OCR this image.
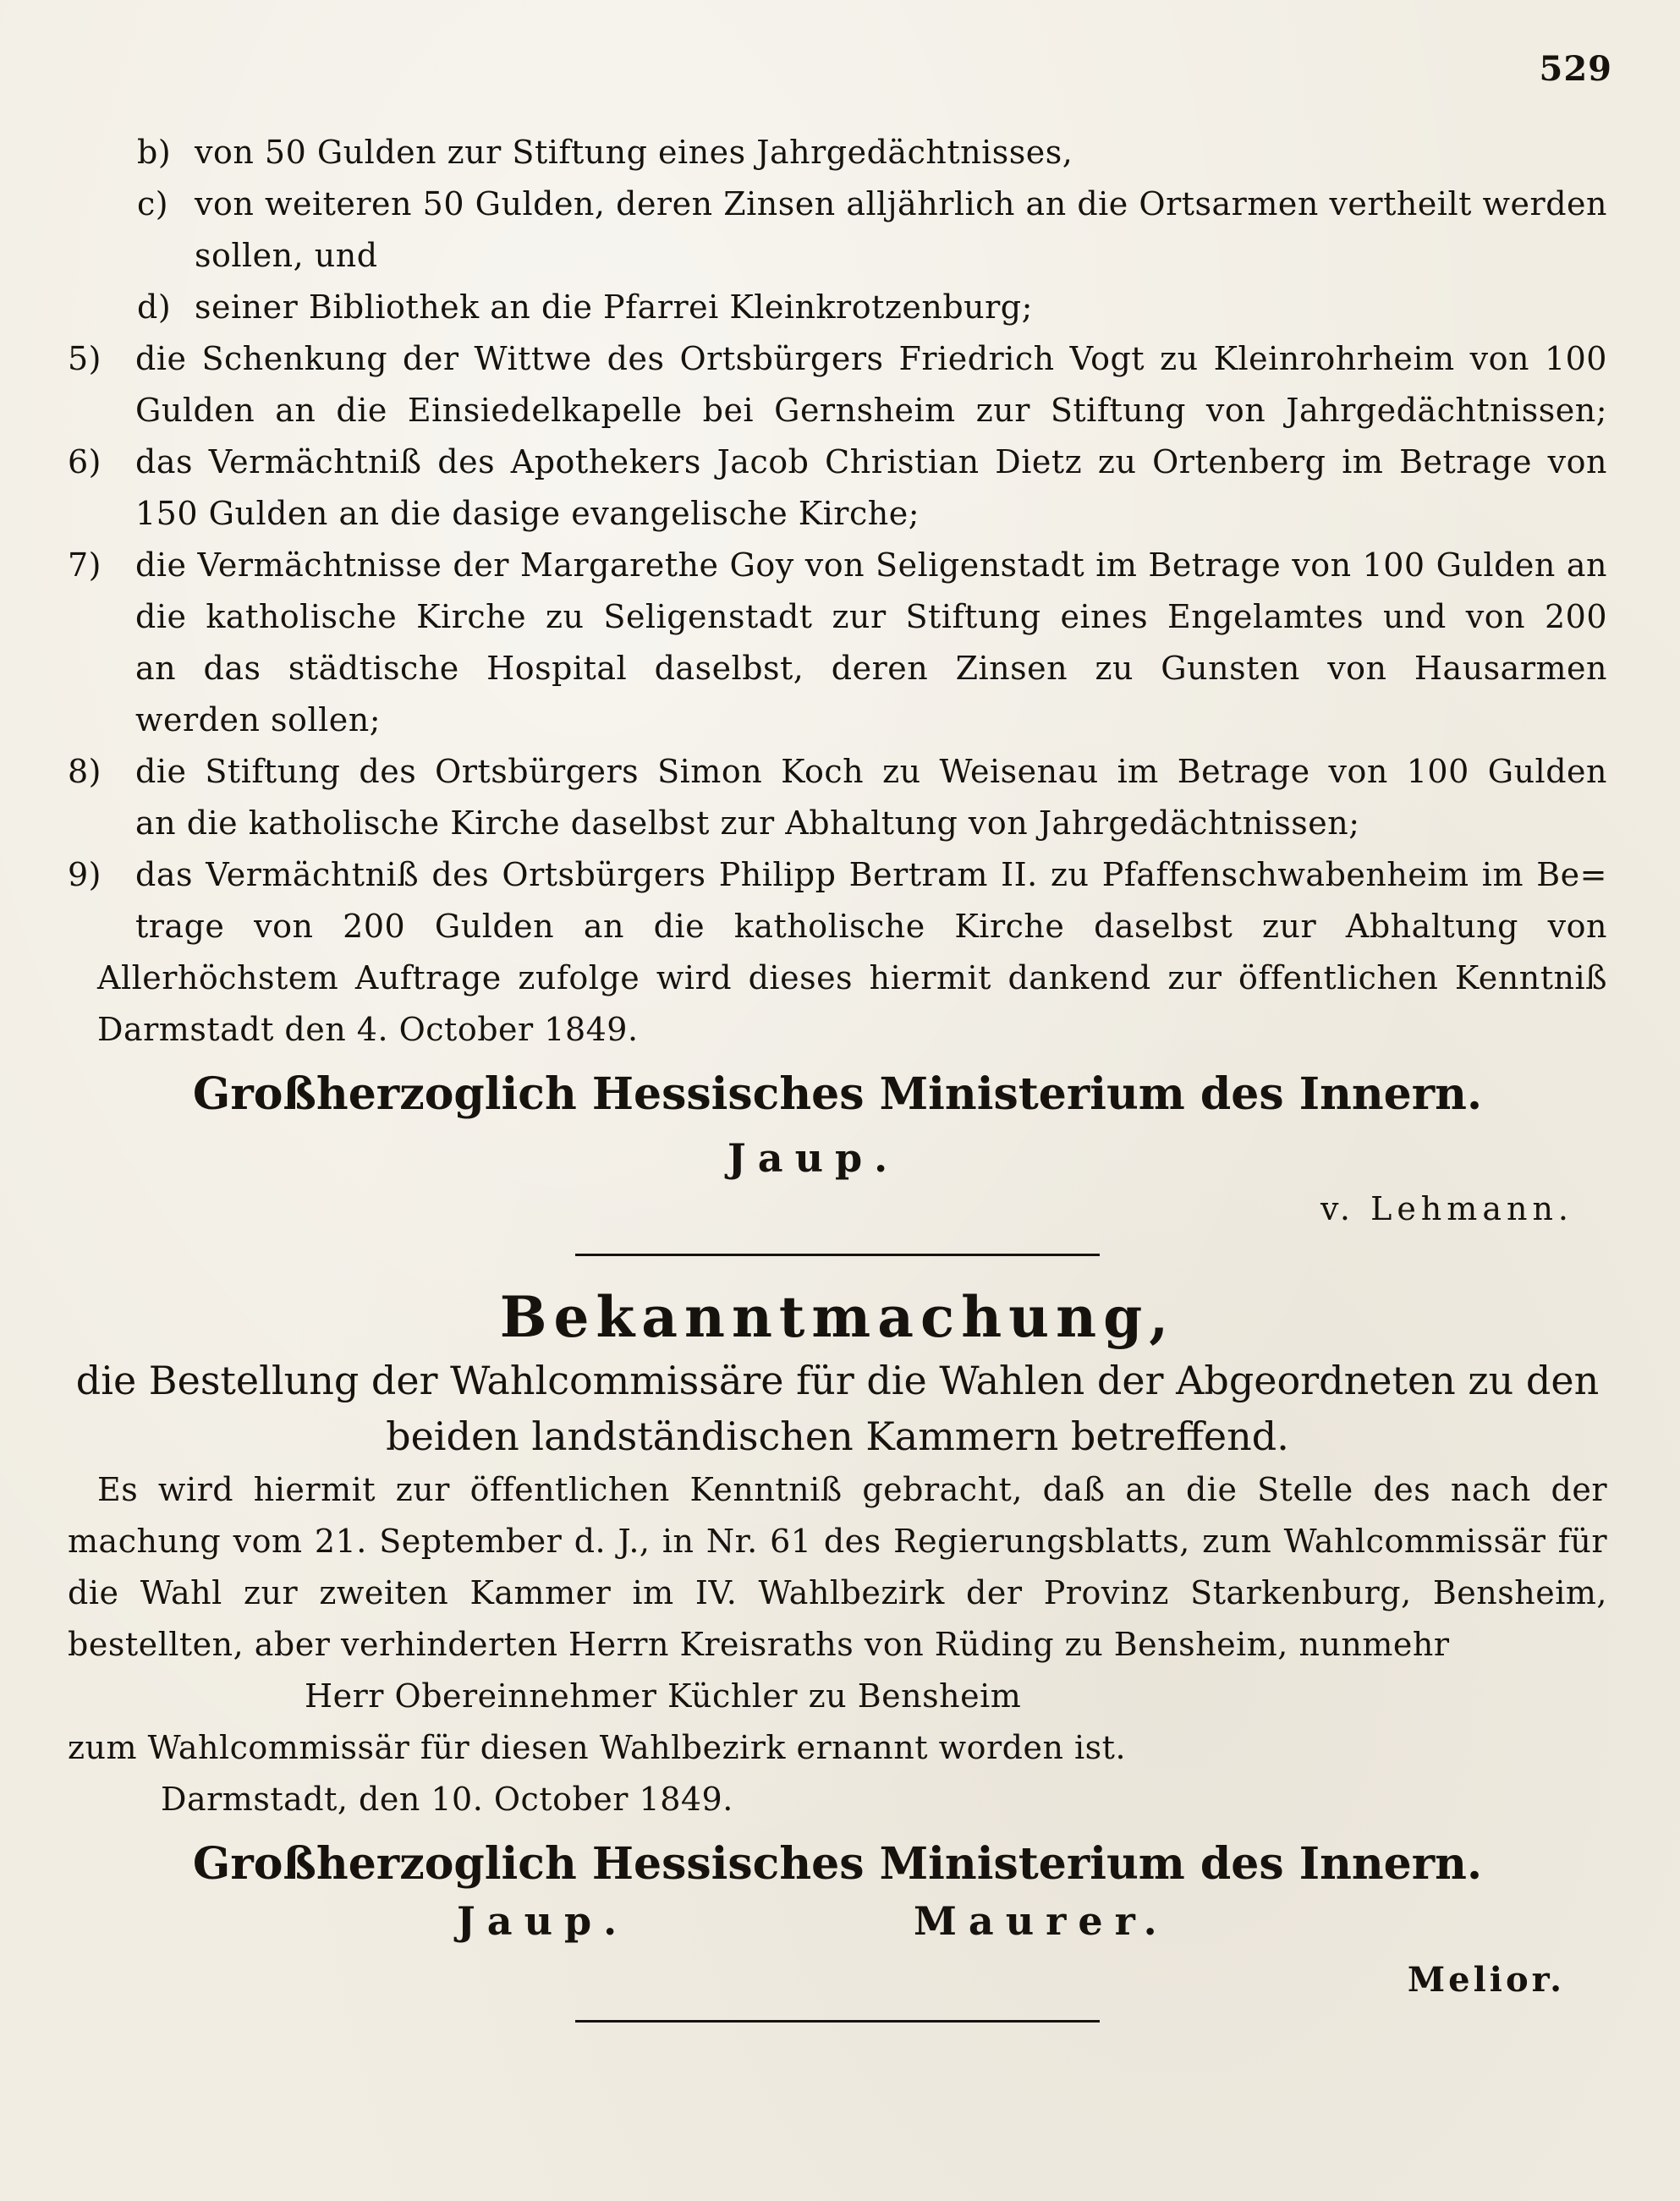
529
b) von 50 Gulden zur Stiftung eines Jahrgedächtnisses,
c) von weiteren 50 Gulden, deren Zinsen alljährlich an die Ortsarmen vertheilt werden
sollen, und
d) seiner Bibliothek an die Pfarrei Kleinkrotzenburg;
5) die Schenkung der Wittwe des Ortsbürgers Friedrich Vogt zu Kleinrohrheim von 100
Gulden an die Einsiedelkapelle bei Gernsheim zur Stiftung von Jahrgedächtnissen;
6) das Vermächtniß des Apothekers Jacob Christian Dietz zu Ortenberg im Betrage von
150 Gulden an die dasige evangelische Kirche;
7) die Vermächtnisse der Margarethe Goy von Seligenstadt im Betrage von 100 Gulden an
die katholische Kirche zu Seligenstadt zur Stiftung eines Engelamtes und von 200
an das städtische Hospital daselbst, deren Zinsen zu Gunsten von Hausarmen
werden sollen;
8) die Stiftung des Ortsbürgers Simon Koch zu Weisenau im Betrage von 100 Gulden
an die katholische Kirche daselbst zur Abhaltung von Jahrgedächtnissen;
9) das Vermächtniß des Ortsbürgers Philipp Bertram II. zu Pfaffenschwabenheim im Be=
trage von 200 Gulden an die katholische Kirche daselbst zur Abhaltung von
Allerhöchstem Auftrage zufolge wird dieses hiermit dankend zur öffentlichen Kenntniß
Darmstadt den 4. October 1849.
Großherzoglich Hessisches Ministerium des Innern.
Jaup.
v. Lehmann.
Bekanntmachung,
die Bestellung der Wahlcommissäre für die Wahlen der Abgeordneten zu den
beiden landständischen Kammern betreffend.
Es wird hiermit zur öffentlichen Kenntniß gebracht, daß an die Stelle des nach der
machung vom 21. September d. J., in Nr. 61 des Regierungsblatts, zum Wahlcommissär für
die Wahl zur zweiten Kammer im IV. Wahlbezirk der Provinz Starkenburg, Bensheim,
bestellten, aber verhinderten Herrn Kreisraths von Rüding zu Bensheim, nunmehr
Herr Obereinnehmer Küchler zu Bensheim
zum Wahlcommissär für diesen Wahlbezirk ernannt worden ist.
Darmstadt, den 10. October 1849.
Großherzoglich Hessisches Ministerium des Innern.
Jaup.	Maurer.
Melior.
